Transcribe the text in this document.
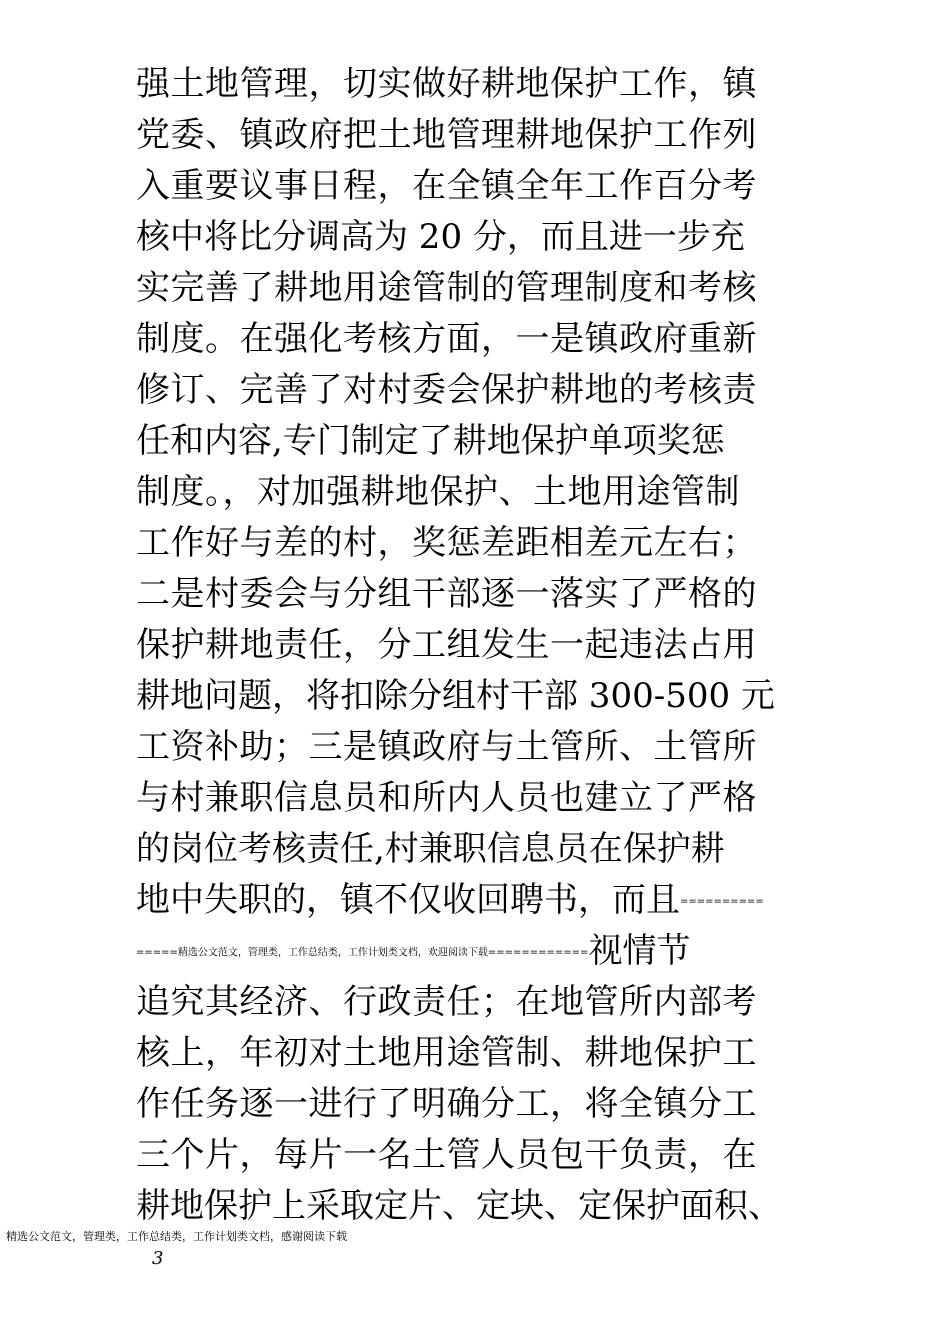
强土地管理，切实做好耕地保护工作，镇
党委、镇政府把土地管理耕地保护工作列
入重要议事日程，在全镇全年工作百分考
核中将比分调高为 20 分，而且进一步充
实完善了耕地用途管制的管理制度和考核
制度。在强化考核方面，一是镇政府重新
修订、完善了对村委会保护耕地的考核责
任和内容,专门制定了耕地保护单项奖惩
制度。，对加强耕地保护、土地用途管制
工作好与差的村，奖惩差距相差元左右；
二是村委会与分组干部逐一落实了严格的
保护耕地责任，分工组发生一起违法占用
耕地问题，将扣除分组村干部 300-500 元
工资补助；三是镇政府与土管所、土管所
与村兼职信息员和所内人员也建立了严格
的岗位考核责任,村兼职信息员在保护耕
地中失职的，镇不仅收回聘书，而且==========
=====精选公文范文，管理类，工作总结类，工作计划类文档，欢迎阅读下载============视情节
追究其经济、行政责任；在地管所内部考
核上，年初对土地用途管制、耕地保护工
作任务逐一进行了明确分工，将全镇分工
三个片，每片一名土管人员包干负责，在
耕地保护上采取定片、定块、定保护面积、
精选公文范文，管理类，工作总结类，工作计划类文档，感谢阅读下载
3
